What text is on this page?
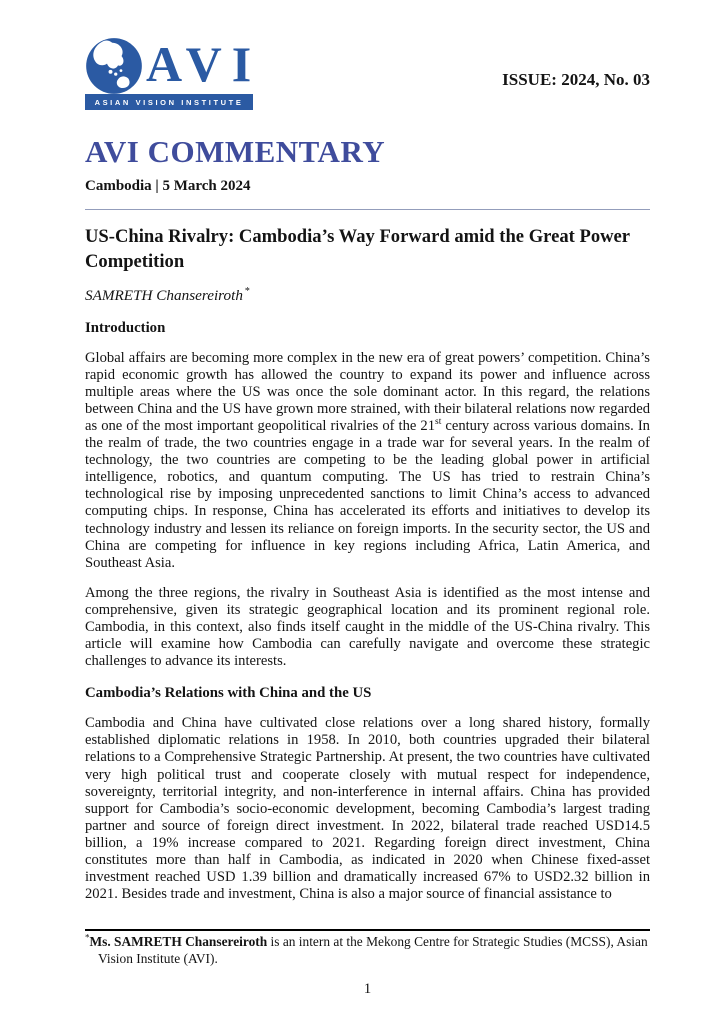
AVI
ASIAN VISION INSTITUTE
ISSUE: 2024, No. 03
AVI COMMENTARY
Cambodia | 5 March 2024
US-China Rivalry: Cambodia’s Way Forward amid the Great Power Competition
SAMRETH Chansereiroth *
Introduction

Global affairs are becoming more complex in the new era of great powers’ competition. China’s rapid economic growth has allowed the country to expand its power and influence across multiple areas where the US was once the sole dominant actor. In this regard, the relations between China and the US have grown more strained, with their bilateral relations now regarded as one of the most important geopolitical rivalries of the 21st century across various domains. In the realm of trade, the two countries engage in a trade war for several years. In the realm of technology, the two countries are competing to be the leading global power in artificial intelligence, robotics, and quantum computing. The US has tried to restrain China’s technological rise by imposing unprecedented sanctions to limit China’s access to advanced computing chips. In response, China has accelerated its efforts and initiatives to develop its technology industry and lessen its reliance on foreign imports. In the security sector, the US and China are competing for influence in key regions including Africa, Latin America, and Southeast Asia.

Among the three regions, the rivalry in Southeast Asia is identified as the most intense and comprehensive, given its strategic geographical location and its prominent regional role. Cambodia, in this context, also finds itself caught in the middle of the US-China rivalry. This article will examine how Cambodia can carefully navigate and overcome these strategic challenges to advance its interests.

Cambodia’s Relations with China and the US

Cambodia and China have cultivated close relations over a long shared history, formally established diplomatic relations in 1958. In 2010, both countries upgraded their bilateral relations to a Comprehensive Strategic Partnership. At present, the two countries have cultivated very high political trust and cooperate closely with mutual respect for independence, sovereignty, territorial integrity, and non-interference in internal affairs. China has provided support for Cambodia’s socio-economic development, becoming Cambodia’s largest trading partner and source of foreign direct investment. In 2022, bilateral trade reached USD14.5 billion, a 19% increase compared to 2021. Regarding foreign direct investment, China constitutes more than half in Cambodia, as indicated in 2020 when Chinese fixed-asset investment reached USD 1.39 billion and dramatically increased 67% to USD2.32 billion in 2021. Besides trade and investment, China is also a major source of financial assistance to

*Ms. SAMRETH Chansereiroth is an intern at the Mekong Centre for Strategic Studies (MCSS), Asian Vision Institute (AVI).

1
